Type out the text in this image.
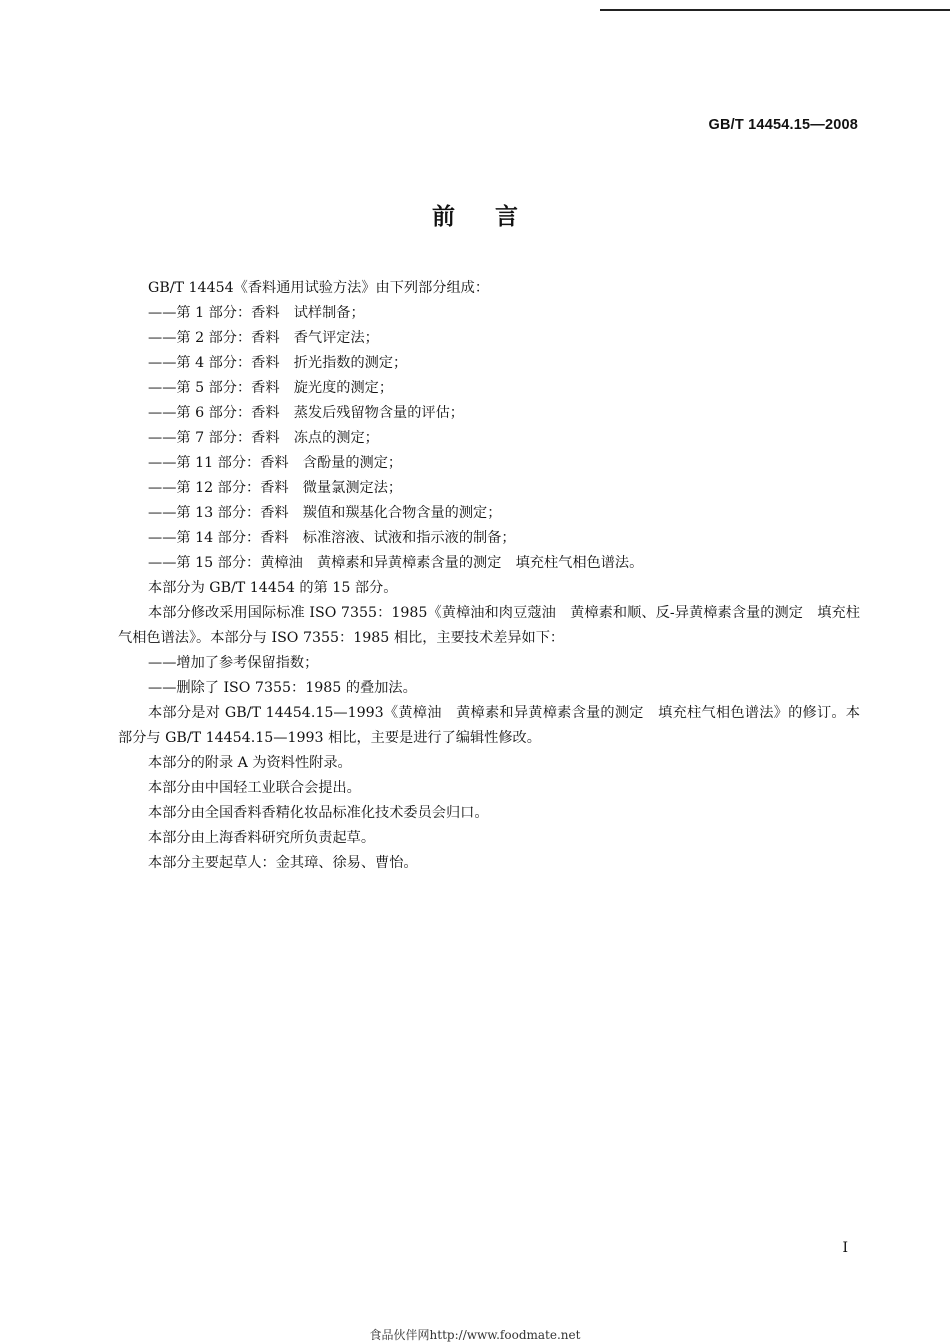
GB/T 14454.15—2008
前言
GB/T 14454《香料通用试验方法》由下列部分组成：
——第 1 部分：香料　试样制备；
——第 2 部分：香料　香气评定法；
——第 4 部分：香料　折光指数的测定；
——第 5 部分：香料　旋光度的测定；
——第 6 部分：香料　蒸发后残留物含量的评估；
——第 7 部分：香料　冻点的测定；
——第 11 部分：香料　含酚量的测定；
——第 12 部分：香料　微量氯测定法；
——第 13 部分：香料　羰值和羰基化合物含量的测定；
——第 14 部分：香料　标准溶液、试液和指示液的制备；
——第 15 部分：黄樟油　黄樟素和异黄樟素含量的测定　填充柱气相色谱法。
本部分为 GB/T 14454 的第 15 部分。
本部分修改采用国际标准 ISO 7355：1985《黄樟油和肉豆蔻油　黄樟素和顺、反-异黄樟素含量的测定　填充柱气相色谱法》。本部分与 ISO 7355：1985 相比，主要技术差异如下：
——增加了参考保留指数；
——删除了 ISO 7355：1985 的叠加法。
本部分是对 GB/T 14454.15—1993《黄樟油　黄樟素和异黄樟素含量的测定　填充柱气相色谱法》的修订。本部分与 GB/T 14454.15—1993 相比，主要是进行了编辑性修改。
本部分的附录 A 为资料性附录。
本部分由中国轻工业联合会提出。
本部分由全国香料香精化妆品标准化技术委员会归口。
本部分由上海香料研究所负责起草。
本部分主要起草人：金其璋、徐易、曹怡。
I
食品伙伴网http://www.foodmate.net
